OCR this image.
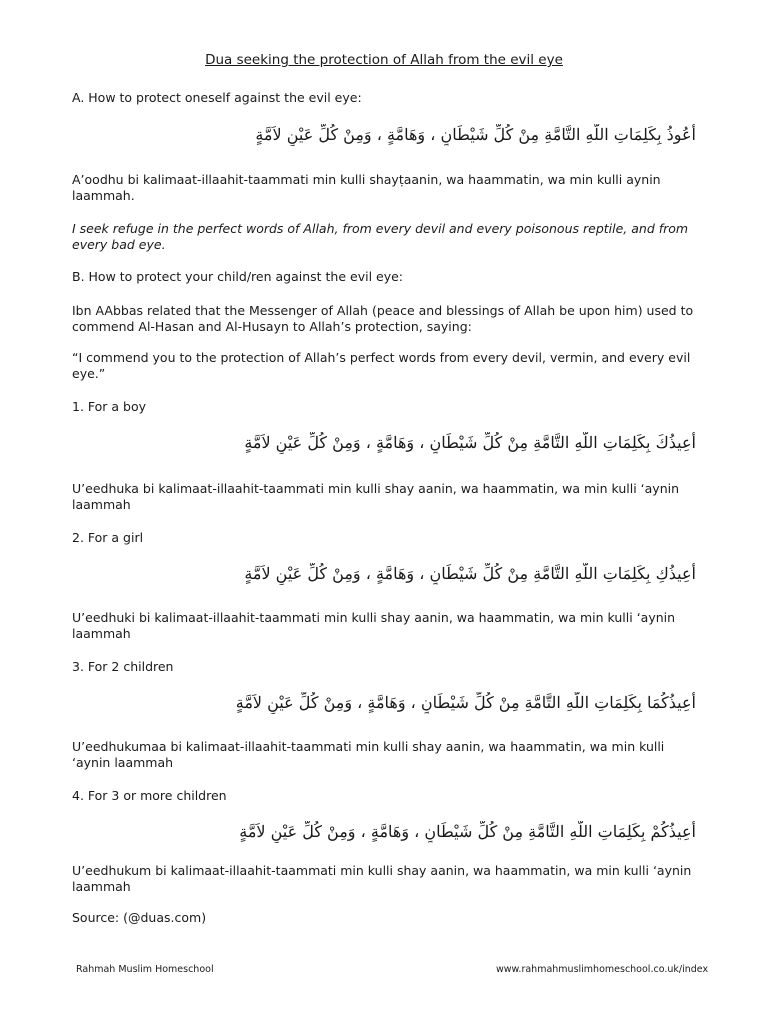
Dua seeking the protection of Allah from the evil eye
A. How to protect oneself against the evil eye:
أَعُوذُ بِكَلِمَاتِ اللَّهِ التَّامَّةِ مِنْ كُلِّ شَيْطَانٍ ، وَهَامَّةٍ ، وَمِنْ كُلِّ عَيْنٍ لاَمَّةٍ
A’oodhu bi kalimaat-illaahit-taammati min kulli shayṭaanin, wa haammatin, wa min kulli aynin laammah.
I seek refuge in the perfect words of Allah, from every devil and every poisonous reptile, and from every bad eye.
B. How to protect your child/ren against the evil eye:
Ibn AAbbas related that the Messenger of Allah (peace and blessings of Allah be upon him) used to commend Al-Hasan and Al-Husayn to Allah’s protection, saying:
“I commend you to the protection of Allah’s perfect words from every devil, vermin, and every evil eye.”
1. For a boy
أُعِيذُكَ بِكَلِمَاتِ اللَّهِ التَّامَّةِ مِنْ كُلِّ شَيْطَانٍ ، وَهَامَّةٍ ، وَمِنْ كُلِّ عَيْنٍ لاَمَّةٍ
U’eedhuka bi kalimaat-illaahit-taammati min kulli shay aanin, wa haammatin, wa min kulli ‘aynin laammah
2. For a girl
أُعِيذُكِ بِكَلِمَاتِ اللَّهِ التَّامَّةِ مِنْ كُلِّ شَيْطَانٍ ، وَهَامَّةٍ ، وَمِنْ كُلِّ عَيْنٍ لاَمَّةٍ
U’eedhuki bi kalimaat-illaahit-taammati min kulli shay aanin, wa haammatin, wa min kulli ‘aynin laammah
3. For 2 children
أُعِيذُكُمَا بِكَلِمَاتِ اللَّهِ التَّامَّةِ مِنْ كُلِّ شَيْطَانٍ ، وَهَامَّةٍ ، وَمِنْ كُلِّ عَيْنٍ لاَمَّةٍ
U’eedhukumaa bi kalimaat-illaahit-taammati min kulli shay aanin, wa haammatin, wa min kulli ‘aynin laammah
4. For 3 or more children
أُعِيذُكُمْ بِكَلِمَاتِ اللَّهِ التَّامَّةِ مِنْ كُلِّ شَيْطَانٍ ، وَهَامَّةٍ ، وَمِنْ كُلِّ عَيْنٍ لاَمَّةٍ
U’eedhukum bi kalimaat-illaahit-taammati min kulli shay aanin, wa haammatin, wa min kulli ‘aynin laammah
Source: (@duas.com)
Rahmah Muslim Homeschool	www.rahmahmuslimhomeschool.co.uk/index
